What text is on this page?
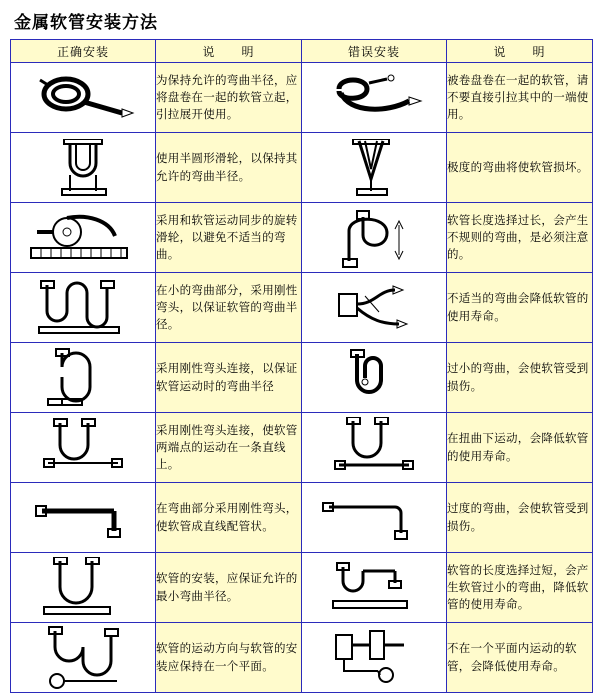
金属软管安装方法
正确安装	说　　明	错误安装	说　　明

	为保持允许的弯曲半径，应将盘卷在一起的软管立起，引拉展开使用。		被卷盘卷在一起的软管，请不要直接引拉其中的一端使用。

	使用半圆形滑轮，以保持其允许的弯曲半径。		极度的弯曲将使软管损坏。

	采用和软管运动同步的旋转滑轮，以避免不适当的弯曲。		软管长度选择过长，会产生不规则的弯曲，是必须注意的。

	在小的弯曲部分，采用刚性弯头，以保证软管的弯曲半径。		不适当的弯曲会降低软管的使用寿命。

	采用刚性弯头连接，以保证软管运动时的弯曲半径		过小的弯曲，会使软管受到损伤。

	采用刚性弯头连接，使软管两端点的运动在一条直线上。		在扭曲下运动，会降低软管的使用寿命。

	在弯曲部分采用刚性弯头，使软管成直线配管状。		过度的弯曲，会使软管受到损伤。

	软管的安装，应保证允许的最小弯曲半径。		软管的长度选择过短，会产生软管过小的弯曲，降低软管的使用寿命。

	软管的运动方向与软管的安装应保持在一个平面。		不在一个平面内运动的软管，会降低使用寿命。
